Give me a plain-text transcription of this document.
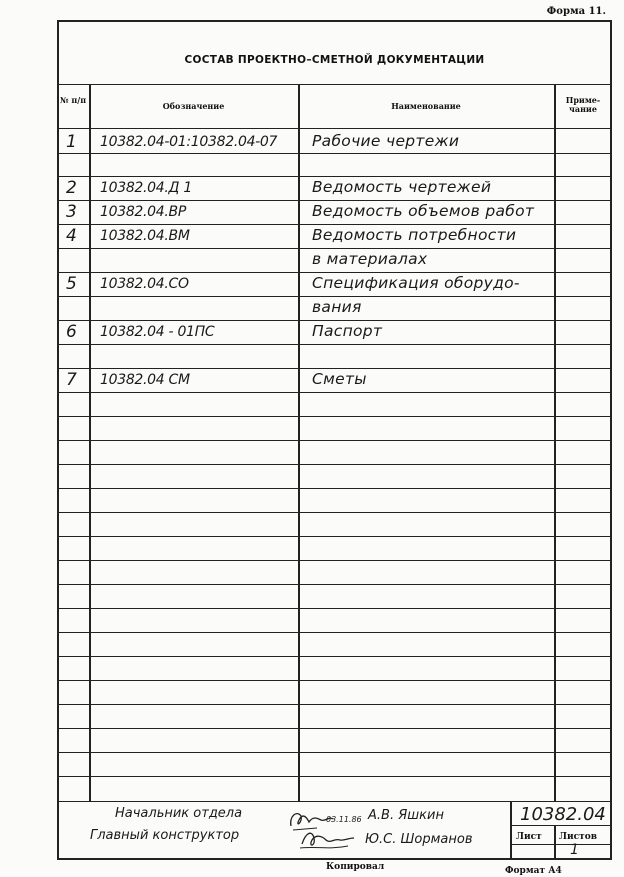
Форма 11.
СОСТАВ ПРОЕКТНО–СМЕТНОЙ ДОКУМЕНТАЦИИ
№ п/п
Обозначение	Наименование
Приме- чание
1 10382.04-01:10382.04-07 Рабочие чертежи
2 10382.04.Д 1	Ведомость чертежей
3 10382.04.ВР	Ведомость объемов работ
4 10382.04.ВМ	Ведомость потребности
в материалах
5 10382.04.СО	Спецификация оборудо-
вания
6 10382.04 - 01ПС	Паспорт
7 10382.04 СМ	Сметы
Начальник отдела	03.11.86 А.В. Яшкин
Главный конструктор	Ю.С. Шорманов
10382.04
Лист Листов
1
Копировал	Формат А4
